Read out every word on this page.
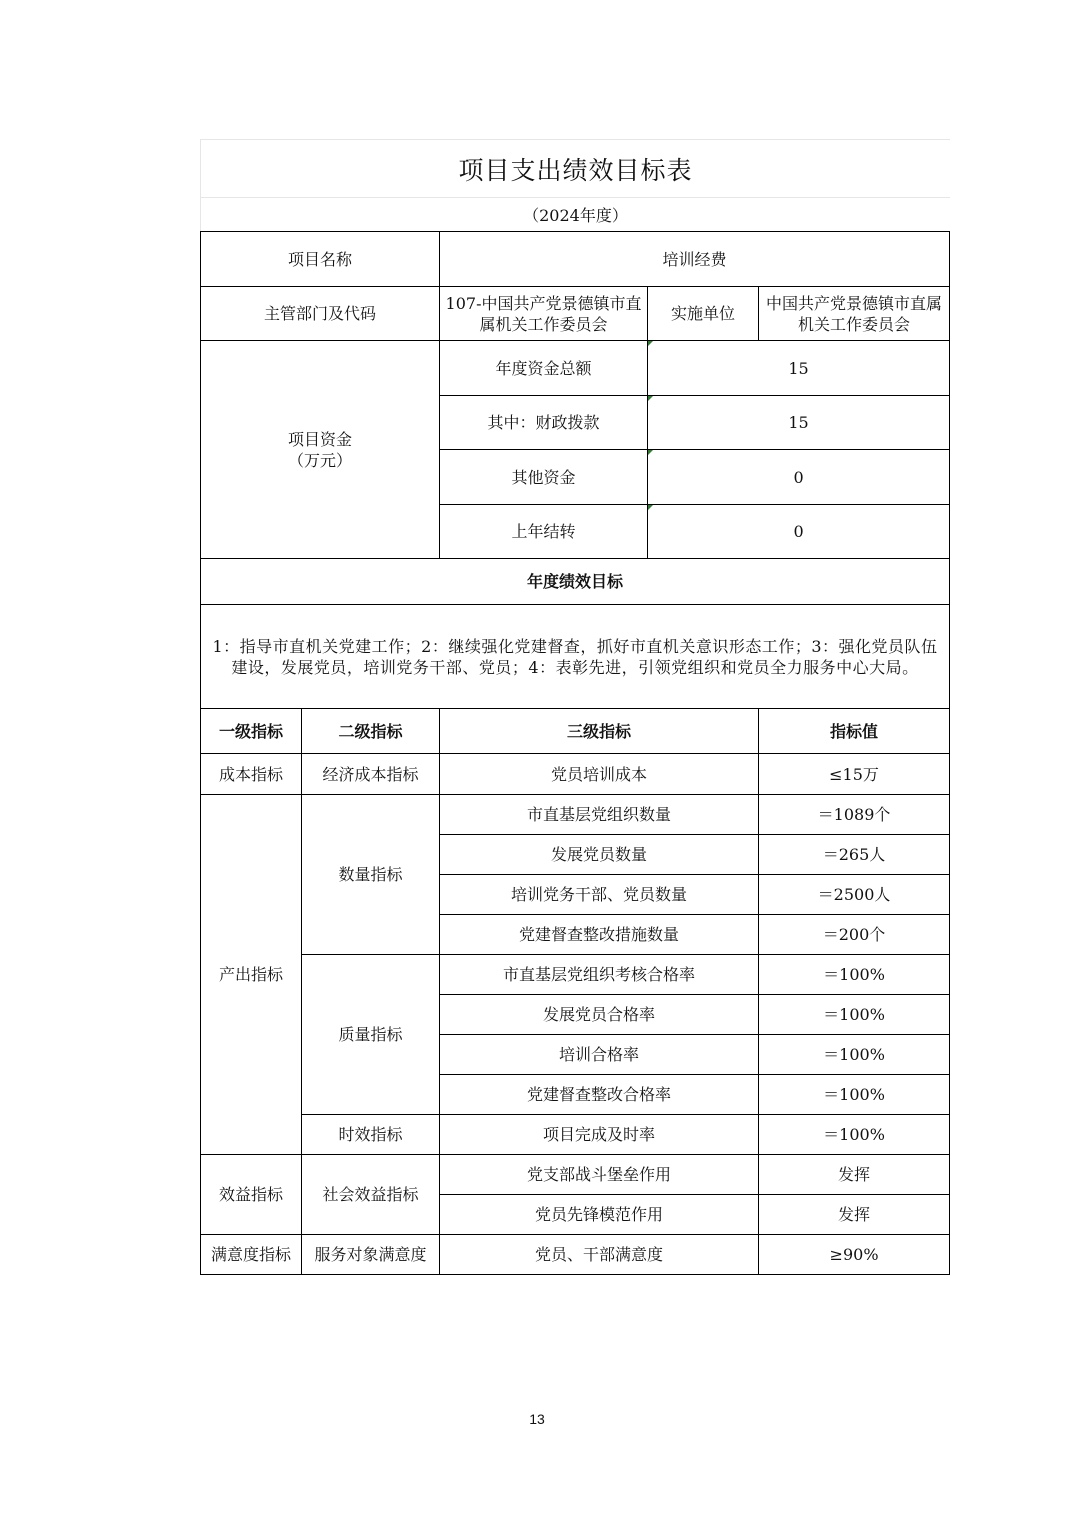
项目支出绩效目标表
（2024年度）
项目名称		培训经费		
主管部门及代码		107-中国共产党景德镇市直属机关工作委员会	实施单位	中国共产党景德镇市直属机关工作委员会
项目资金
（万元）		年度资金总额	15	
		其中：财政拨款	15	
		其他资金	0	
		上年结转	0	
年度绩效目标				
1：指导市直机关党建工作；2：继续强化党建督查，抓好市直机关意识形态工作；3：强化党员队伍建设，发展党员，培训党务干部、党员；4：表彰先进，引领党组织和党员全力服务中心大局。				
一级指标	二级指标	三级指标		指标值
成本指标	经济成本指标	党员培训成本		≤15万
产出指标	数量指标	市直基层党组织数量		＝1089个
		发展党员数量		＝265人
		培训党务干部、党员数量		＝2500人
		党建督查整改措施数量		＝200个
	质量指标	市直基层党组织考核合格率		＝100%
		发展党员合格率		＝100%
		培训合格率		＝100%
		党建督查整改合格率		＝100%
	时效指标	项目完成及时率		＝100%
效益指标	社会效益指标	党支部战斗堡垒作用		发挥
		党员先锋模范作用		发挥
满意度指标	服务对象满意度	党员、干部满意度		≥90%
13
